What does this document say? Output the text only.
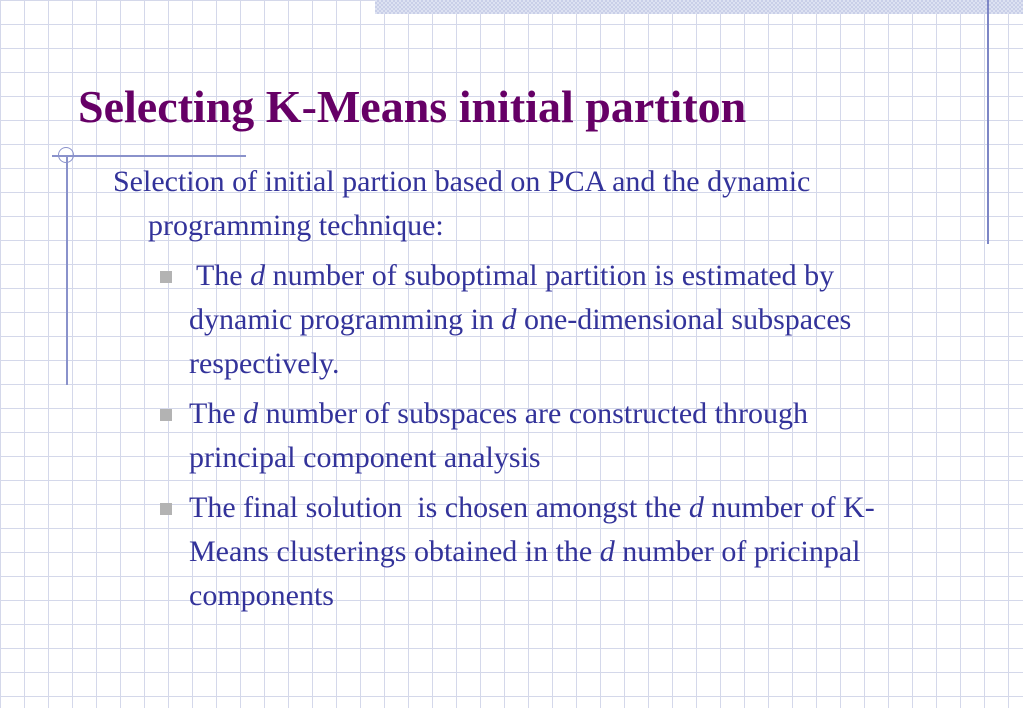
Selecting K-Means initial partiton

Selection of initial partion based on PCA and the dynamic programming technique:

The d number of suboptimal partition is estimated by dynamic programming in d one-dimensional subspaces respectively.
The d number of subspaces are constructed through principal component analysis
The final solution  is chosen amongst the d number of K-Means clusterings obtained in the d number of pricinpal components
